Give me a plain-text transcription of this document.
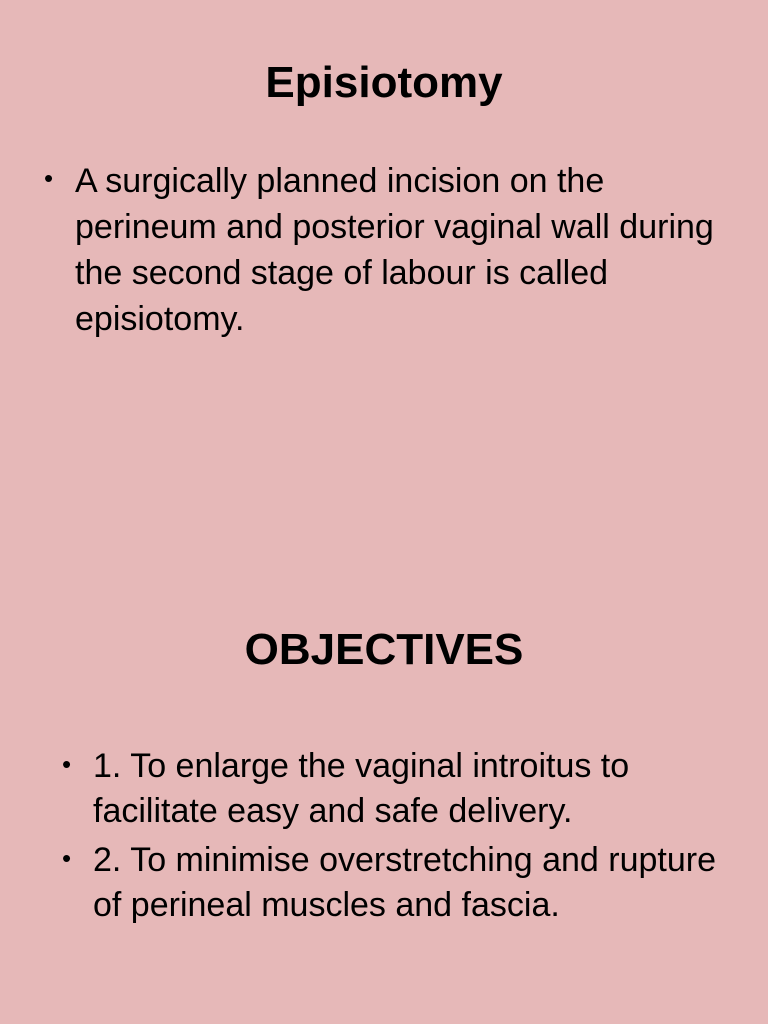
Episiotomy
• A surgically planned incision on the perineum and posterior vaginal wall during the second stage of labour is called episiotomy.
OBJECTIVES
• 1. To enlarge the vaginal introitus to facilitate easy and safe delivery.
• 2. To minimise overstretching and rupture of perineal muscles and fascia.
